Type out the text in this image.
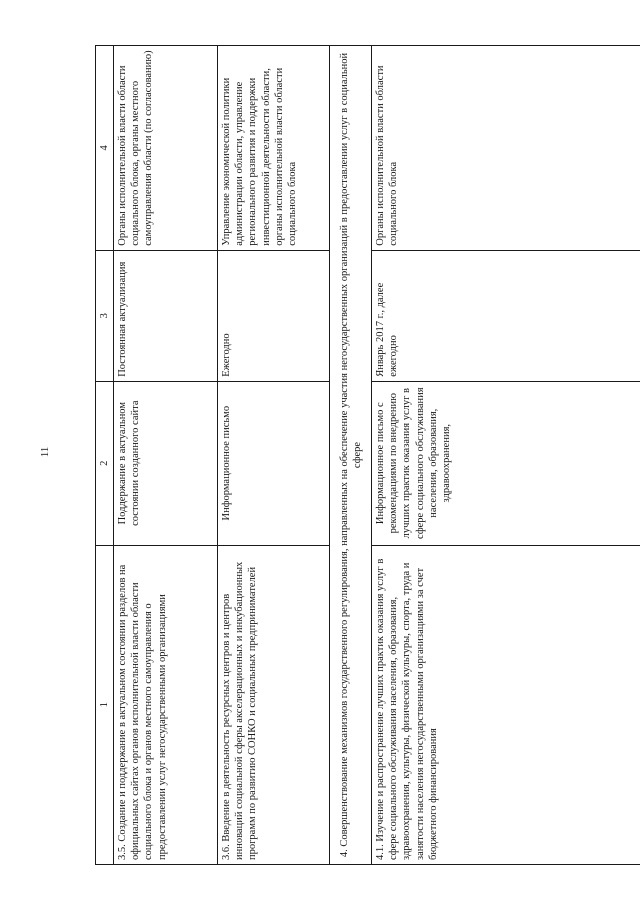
11
1	2	3	4
3.5. Создание и поддержание в актуальном состоянии разделов на официальных сайтах органов исполнительной власти области социального блока и органов местного самоуправления о предоставлении услуг негосударственными организациями	Поддержание в актуальном состоянии созданного сайта	Постоянная актуализация	Органы исполнительной власти области социального блока, органы местного самоуправления области (по согласованию)
3.6. Введение в деятельность ресурсных центров и центров инноваций социальной сферы акселерационных и инкубационных программ по развитию СОНКО и социальных предпринимателей	Информационное письмо	Ежегодно	Управление экономической политики администрации области, управление регионального развития и поддержки инвестиционной деятельности области, органы исполнительной власти области социального блока
4. Совершенствование механизмов государственного регулирования, направленных на обеспечение участия негосударственных организаций в предоставлении услуг в социальной сфере			
4.1. Изучение и распространение лучших практик оказания услуг в сфере социального обслуживания населения, образования, здравоохранения, культуры, физической культуры, спорта, труда и занятости населения негосударственными организациями за счет бюджетного финансирования	Информационное письмо с рекомендациями по внедрению лучших практик оказания услуг в сфере социального обслуживания населения, образования, здравоохранения,	Январь 2017 г., далее ежегодно	Органы исполнительной власти области социального блока
